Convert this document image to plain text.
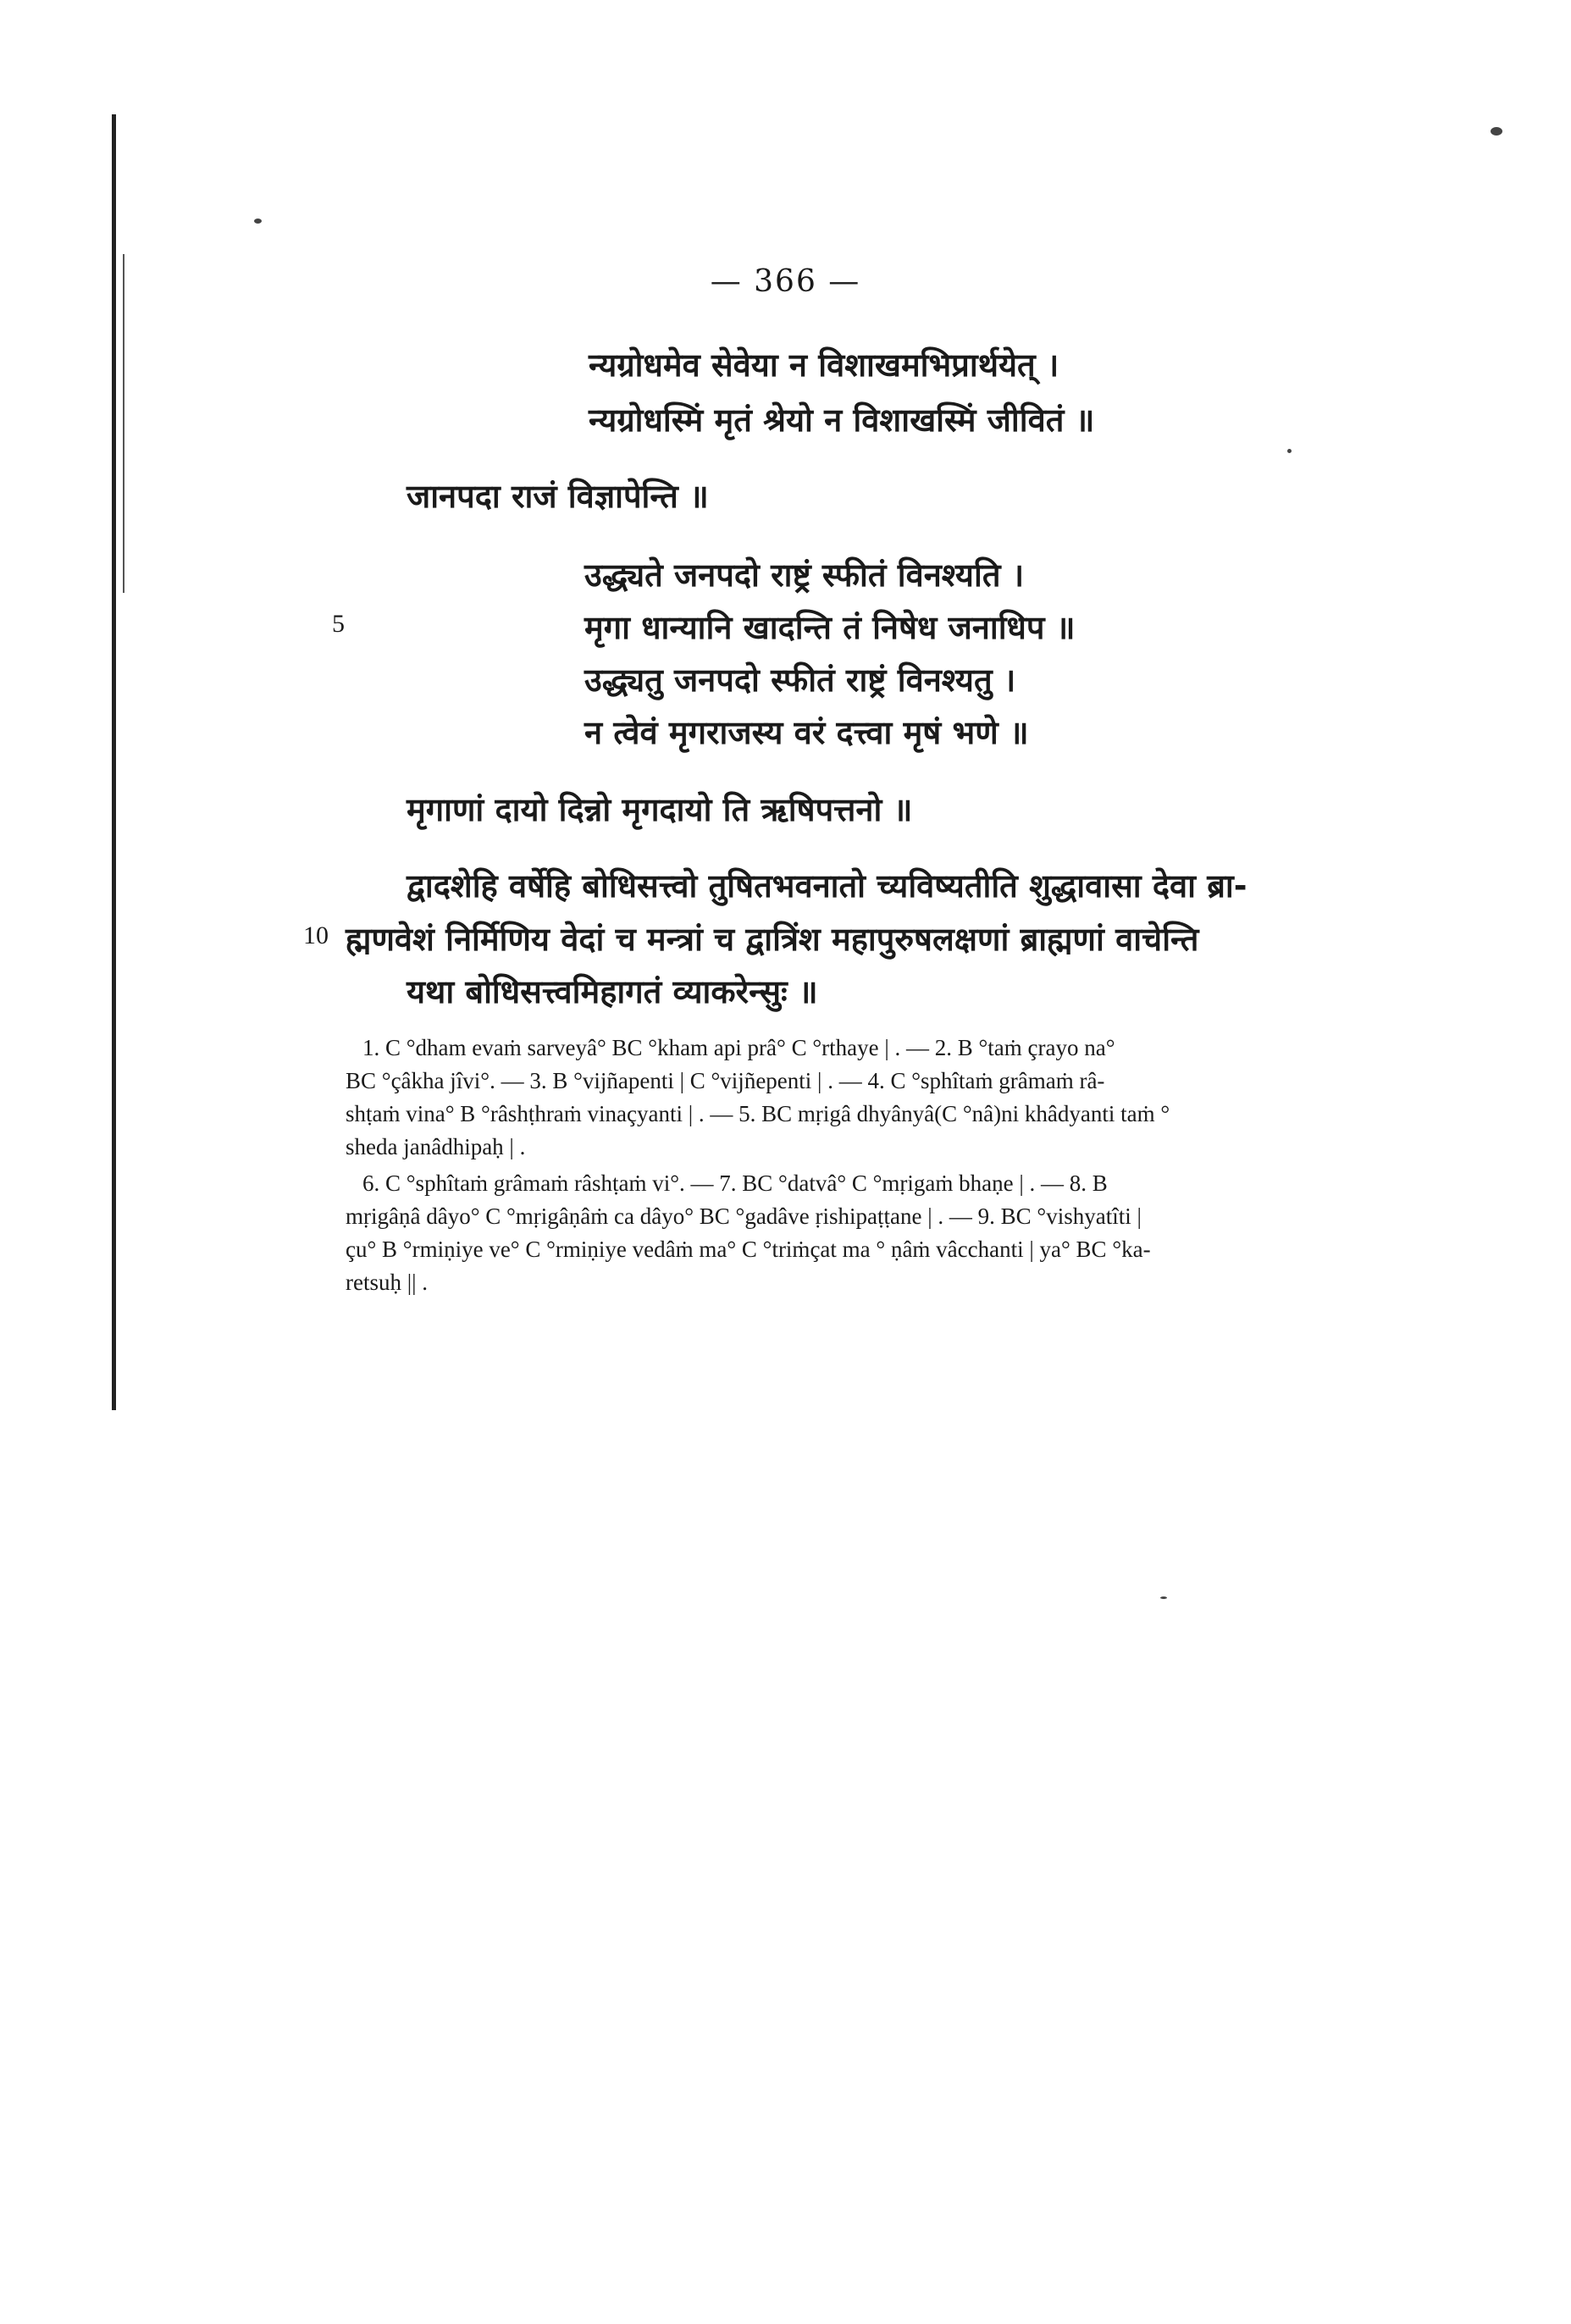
— 366 —
न्यग्रोधमेव सेवेया न विशाखमभिप्रार्थयेत् ।
न्यग्रोधस्मिं मृतं श्रेयो न विशाखस्मिं जीवितं ॥
जानपदा राजं विज्ञापेन्ति ॥
उद्ध्यते जनपदो राष्ट्रं स्फीतं विनश्यति ।
5	मृगा धान्यानि खादन्ति तं निषेध जनाधिप ॥
उद्ध्यतु जनपदो स्फीतं राष्ट्रं विनश्यतु ।
न त्वेवं मृगराजस्य वरं दत्त्वा मृषं भणे ॥
मृगाणां दायो दिन्नो मृगदायो ति ऋषिपत्तनो ॥
द्वादशेहि वर्षेहि बोधिसत्त्वो तुषितभवनातो च्यविष्यतीति शुद्धावासा देवा ब्रा-
10 ह्मणवेशं निर्मिणिय वेदां च मन्त्रां च द्वात्रिंश महापुरुषलक्षणां ब्राह्मणां वाचेन्ति
यथा बोधिसत्त्वमिहागतं व्याकरेन्सुः ॥

1. C °dham evaṁ sarveyâ° BC °kham api prâ° C °rthaye | . — 2. B °taṁ çrayo na°
BC °çâkha jîvi°. — 3. B °vijñapenti | C °vijñepenti | . — 4. C °sphîtaṁ grâmaṁ râ-
shṭaṁ vina° B °râshṭhraṁ vinaçyanti | . — 5. BC mṛigâ dhyânyâ(C °nâ)ni khâdyanti taṁ °
sheda janâdhipaḥ | .

6. C °sphîtaṁ grâmaṁ râshṭaṁ vi°. — 7. BC °datvâ° C °mṛigaṁ bhaṇe | . — 8. B
mṛigâṇâ dâyo° C °mṛigâṇâṁ ca dâyo° BC °gadâve ṛishipaṭṭane | . — 9. BC °vishyatîti |
çu° B °rmiṇiye ve° C °rmiṇiye vedâṁ ma° C °triṁçat ma ° ṇâṁ vâcchanti | ya° BC °ka-
retsuḥ || .
